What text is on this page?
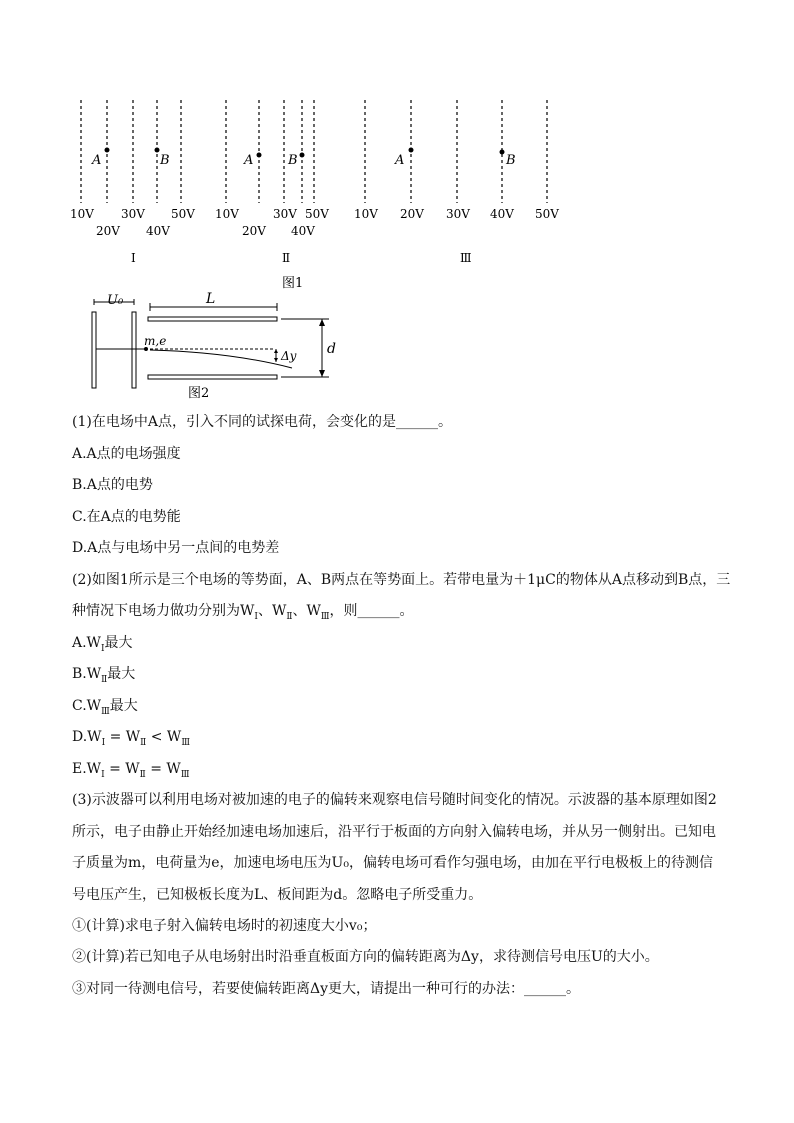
A	B	A	B	A	B
10V
20V
30V
40V
50V 10V
20V
30V
40V
50V 10V 20V 30V 40V 50V
Ⅰ	Ⅱ	Ⅲ
图1
U₀	L
m,e
Δy d
图2
(1)在电场中A点，引入不同的试探电荷，会变化的是______。
A.A点的电场强度
B.A点的电势
C.在A点的电势能
D.A点与电场中另一点间的电势差
(2)如图1所示是三个电场的等势面，A、B两点在等势面上。若带电量为＋1μC的物体从A点移动到B点，三
种情况下电场力做功分别为$W_Ⅰ$、$W_Ⅱ$、$W_Ⅲ$，则______。
$A.W_Ⅰ$最大
$B.W_Ⅱ$最大
$C.W_Ⅲ$最大
$D.W_Ⅰ = W_Ⅱ < W_Ⅲ$
$E.W_Ⅰ = W_Ⅱ = W_Ⅲ$
(3)示波器可以利用电场对被加速的电子的偏转来观察电信号随时间变化的情况。示波器的基本原理如图2
所示，电子由静止开始经加速电场加速后，沿平行于板面的方向射入偏转电场，并从另一侧射出。已知电
子质量为m，电荷量为e，加速电场电压为U₀，偏转电场可看作匀强电场，由加在平行电极板上的待测信
号电压产生，已知极板长度为L、板间距为d。忽略电子所受重力。
①(计算)求电子射入偏转电场时的初速度大小v₀；
②(计算)若已知电子从电场射出时沿垂直板面方向的偏转距离为Δy，求待测信号电压U的大小。
③对同一待测电信号，若要使偏转距离Δy更大，请提出一种可行的办法：______。
